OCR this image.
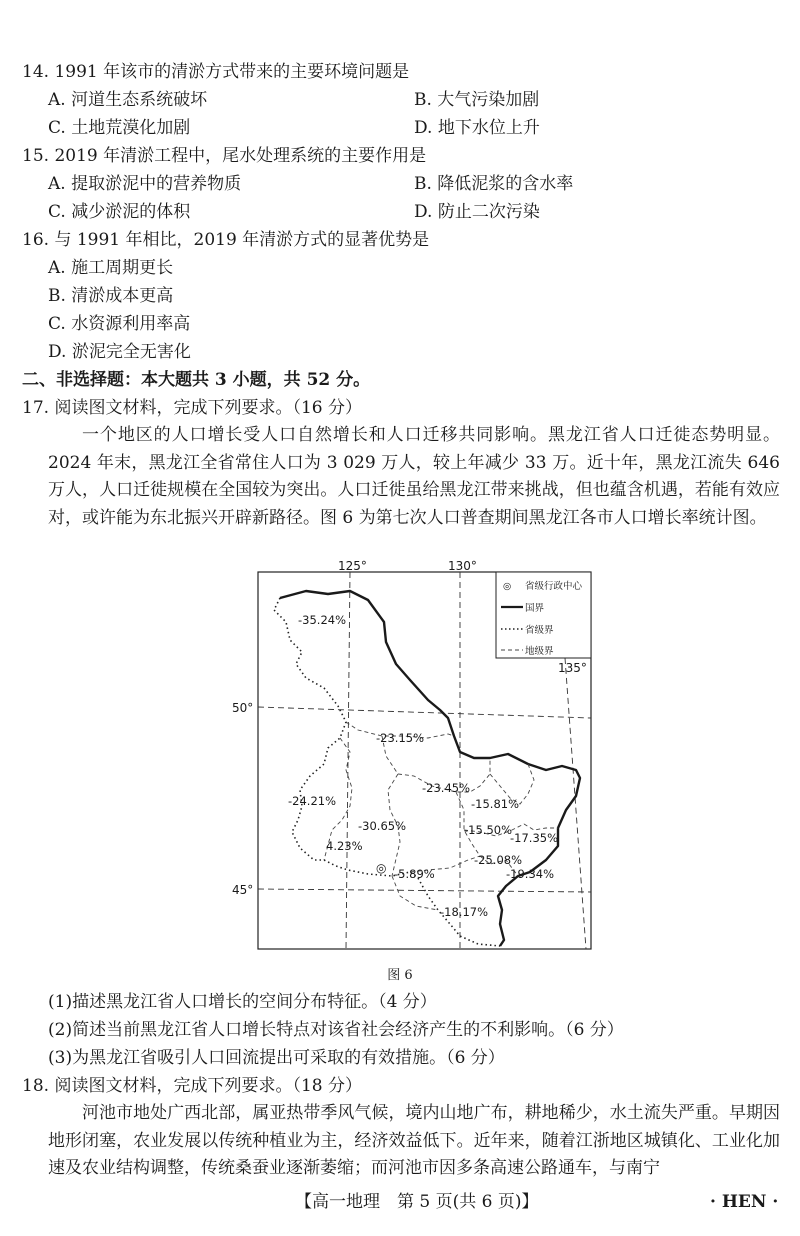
14. 1991 年该市的清淤方式带来的主要环境问题是
A. 河道生态系统破坏	B. 大气污染加剧
C. 土地荒漠化加剧	D. 地下水位上升
15. 2019 年清淤工程中，尾水处理系统的主要作用是
A. 提取淤泥中的营养物质	B. 降低泥浆的含水率
C. 减少淤泥的体积	D. 防止二次污染
16. 与 1991 年相比，2019 年清淤方式的显著优势是
A. 施工周期更长
B. 清淤成本更高
C. 水资源利用率高
D. 淤泥完全无害化
二、非选择题：本大题共 3 小题，共 52 分。
17. 阅读图文材料，完成下列要求。（16 分）
一个地区的人口增长受人口自然增长和人口迁移共同影响。黑龙江省人口迁徙态势明显。2024 年末，黑龙江全省常住人口为 3 029 万人，较上年减少 33 万。近十年，黑龙江流失 646 万人，人口迁徙规模在全国较为突出。人口迁徙虽给黑龙江带来挑战，但也蕴含机遇，若能有效应对，或许能为东北振兴开辟新路径。图 6 为第七次人口普查期间黑龙江各市人口增长率统计图。
125°	130°
135°
50°
45°
◎
-35.24%
-23.15%
-24.21%
-23.45%
-15.81%
-30.65%	-15.50%
-17.35%
4.23%
-25.08%
-5.89%	-19.34%
-18.17%
◎ 省级行政中心
国界
省级界
地级界
图 6
(1)描述黑龙江省人口增长的空间分布特征。（4 分）
(2)简述当前黑龙江省人口增长特点对该省社会经济产生的不利影响。（6 分）
(3)为黑龙江省吸引人口回流提出可采取的有效措施。（6 分）
18. 阅读图文材料，完成下列要求。（18 分）
河池市地处广西北部，属亚热带季风气候，境内山地广布，耕地稀少，水土流失严重。早期因地形闭塞，农业发展以传统种植业为主，经济效益低下。近年来，随着江浙地区城镇化、工业化加速及农业结构调整，传统桑蚕业逐渐萎缩；而河池市因多条高速公路通车，与南宁
【高一地理　第 5 页(共 6 页)】	· HEN ·
